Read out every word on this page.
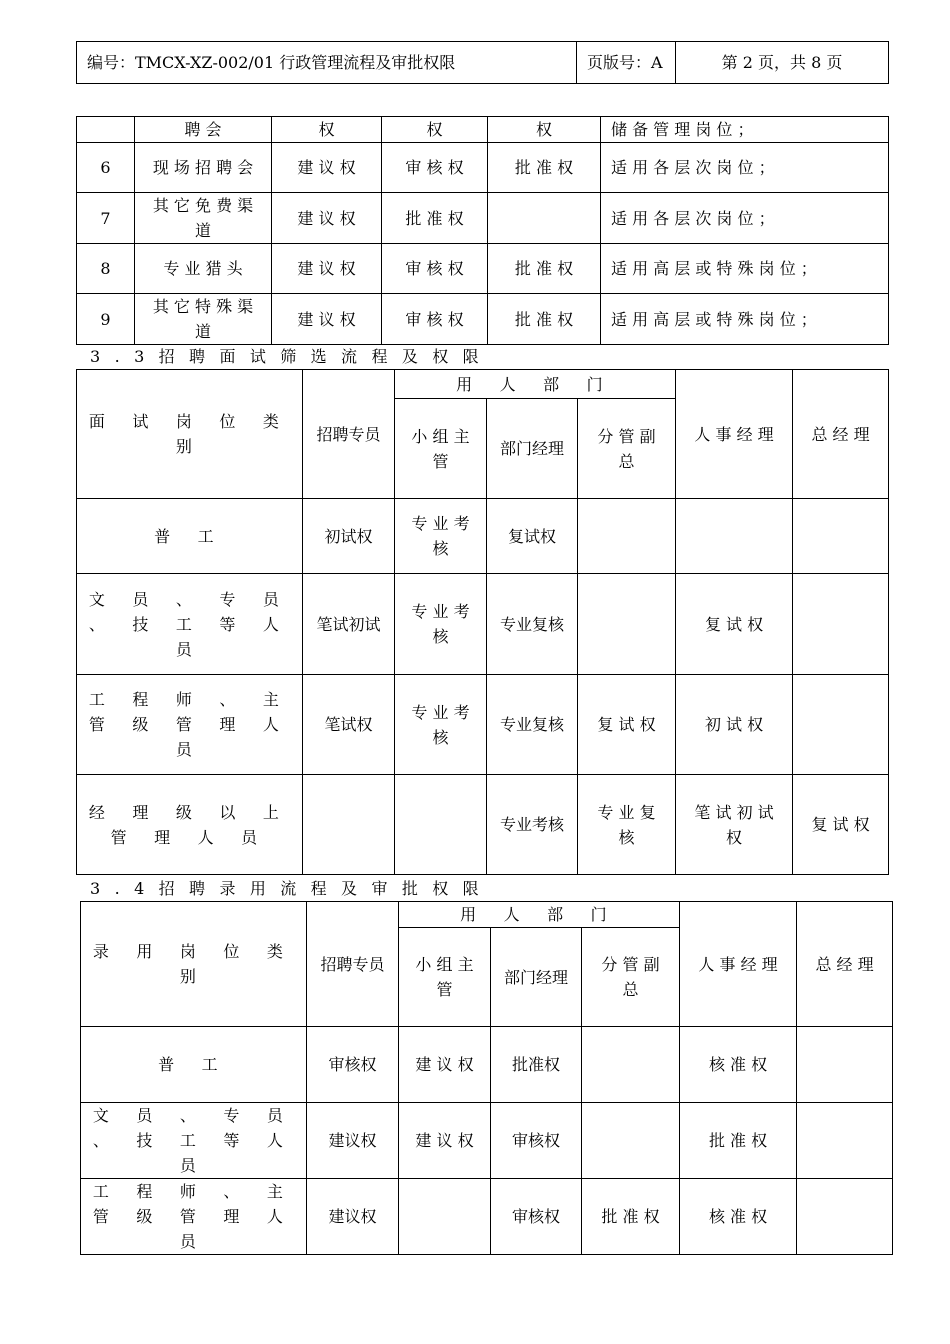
编号：TMCX-XZ-002/01 行政管理流程及审批权限	页版号：A	第 2 页，共 8 页
	聘 会	权	权	权	储 备 管 理 岗 位 ；
6	现 场 招 聘 会	建 议 权	审 核 权	批 准 权	适 用 各 层 次 岗 位 ；
7	其 它 免 费 渠 道	建 议 权	批 准 权		适 用 各 层 次 岗 位 ；
8	专 业 猎 头	建 议 权	审 核 权	批 准 权	适 用 高 层 或 特 殊 岗 位 ；
9	其 它 特 殊 渠 道	建 议 权	审 核 权	批 准 权	适 用 高 层 或 特 殊 岗 位 ；
3.3招聘面试筛选流程及权限
面 试 岗 位 类 别	招聘专员	用 人 部 门			人 事 经 理	总 经 理
		小 组 主 管	部门经理	分 管 副 总		
普 工	初试权	专 业 考 核	复试权			
文 员 、 专 员 、 技 工 等 人 员	笔试初试	专 业 考 核	专业复核		复 试 权	
工 程 师 、 主 管 级 管 理 人 员	笔试权	专 业 考 核	专业复核	复 试 权	初 试 权	
经 理 级 以 上 管 理 人 员			专业考核	专 业 复 核	笔 试 初 试 权	复 试 权
3.4招聘录用流程及审批权限
录 用 岗 位 类 别	招聘专员	用 人 部 门			人 事 经 理	总 经 理
		小 组 主 管	部门经理	分 管 副 总		
普 工	审核权	建 议 权	批准权		核 准 权	
文 员 、 专 员 、 技 工 等 人 员	建议权	建 议 权	审核权		批 准 权	
工 程 师 、 主 管 级 管 理 人 员	建议权		审核权	批 准 权	核 准 权	
